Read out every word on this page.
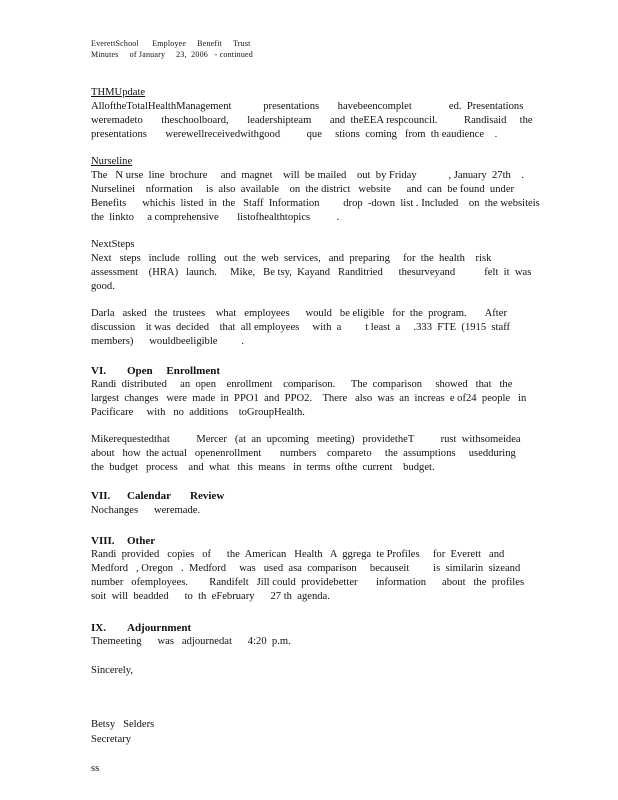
EverettSchool      Employee     Benefit     Trust
Minutes     of January     23,  2006   - continued
THMUpdate
AlloftheTotalHealthManagement            presentations       havebeencomplet              ed.  Presentations
weremadeto       theschoolboard,       leadershipteam       and  theEEA respcouncil.          Randisaid     the
presentations       werewellreceivedwithgood          que     stions  coming   from  th eaudience    .
Nurseline
The   N urse  line  brochure     and  magnet    will  be mailed    out  by Friday            , January  27th    .
Nurselinei    nformation     is  also  available    on  the district   website      and  can  be found  under
Benefits      whichis  listed  in  the   Staff  Information         drop  -down  list . Included    on  the websiteis
the  linkto     a comprehensive       listofhealthtopics          .
NextSteps
Next   steps   include   rolling   out  the  web  services,   and  preparing     for  the  health    risk
assessment    (HRA)   launch.     Mike,   Be tsy,  Kayand   Randitried      thesurveyand           felt  it  was
good.
Darla   asked   the  trustees    what   employees      would   be eligible   for  the  program.       After
discussion    it was  decided    that  all employees     with  a         t least  a     .333  FTE  (1915  staff
members)      wouldbeeligible         .
VI. Open     Enrollment
Randi  distributed     an  open    enrollment    comparison.      The  comparison     showed   that   the
largest  changes   were  made  in  PPO1  and  PPO2.    There   also  was  an  increas  e of24  people   in
Pacificare     with   no  additions    toGroupHealth.
Mikerequestedthat          Mercer   (at  an  upcoming   meeting)   providetheT          rust  withsomeidea
about   how  the actual   openenrollment       numbers    compareto     the  assumptions     usedduring
the  budget   process    and  what   this  means   in  terms  ofthe  current    budget.
VII. Calendar       Review
Nochanges      weremade.
VIII. Other
Randi  provided   copies   of      the  American   Health   A  ggrega  te Profiles     for  Everett   and
Medford   , Oregon   .  Medford     was   used  asa  comparison     becauseit         is  similarin  sizeand
number   ofemployees.        Randifelt   Jill could  providebetter       information      about   the  profiles
soit  will  beadded      to  th  eFebruary      27 th  agenda.
IX. Adjournment
Themeeting      was   adjournedat      4:20  p.m.
Sincerely,
Betsy   Selders
Secretary
ss
